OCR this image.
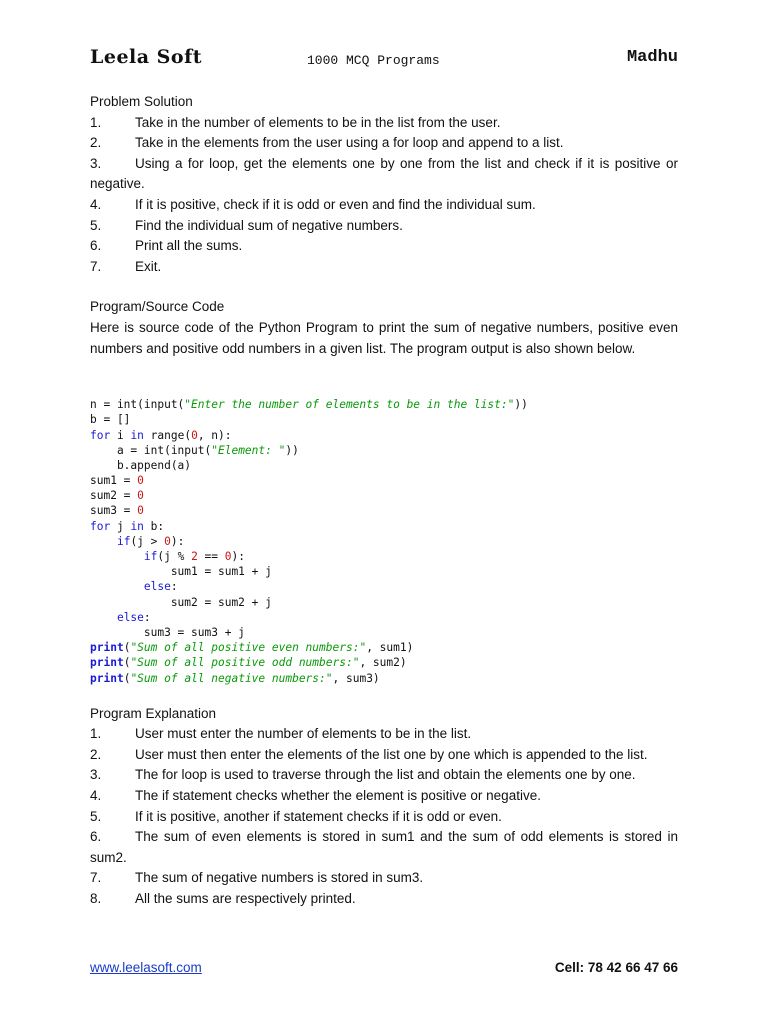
Leela Soft	1000 MCQ Programs	Madhu

Problem Solution

1. Take in the number of elements to be in the list from the user.
2. Take in the elements from the user using a for loop and append to a list.
3. Using a for loop, get the elements one by one from the list and check if it is positive or negative.
4. If it is positive, check if it is odd or even and find the individual sum.
5. Find the individual sum of negative numbers.
6. Print all the sums.
7. Exit.

Program/Source Code

Here is source code of the Python Program to print the sum of negative numbers, positive even numbers and positive odd numbers in a given list. The program output is also shown below.

n = int(input("Enter the number of elements to be in the list:"))
b = []
for i in range(0, n):
a = int(input("Element: "))
b.append(a)
sum1 = 0
sum2 = 0
sum3 = 0
for j in b:
if(j > 0):
if(j % 2 == 0):
sum1 = sum1 + j
else:
sum2 = sum2 + j
else:
sum3 = sum3 + j
print("Sum of all positive even numbers:", sum1)
print("Sum of all positive odd numbers:", sum2)
print("Sum of all negative numbers:", sum3)

Program Explanation

1. User must enter the number of elements to be in the list.
2. User must then enter the elements of the list one by one which is appended to the list.
3. The for loop is used to traverse through the list and obtain the elements one by one.
4. The if statement checks whether the element is positive or negative.
5. If it is positive, another if statement checks if it is odd or even.
6. The sum of even elements is stored in sum1 and the sum of odd elements is stored in sum2.
7. The sum of negative numbers is stored in sum3.
8. All the sums are respectively printed.
www.leelasoft.com	Cell: 78 42 66 47 66
